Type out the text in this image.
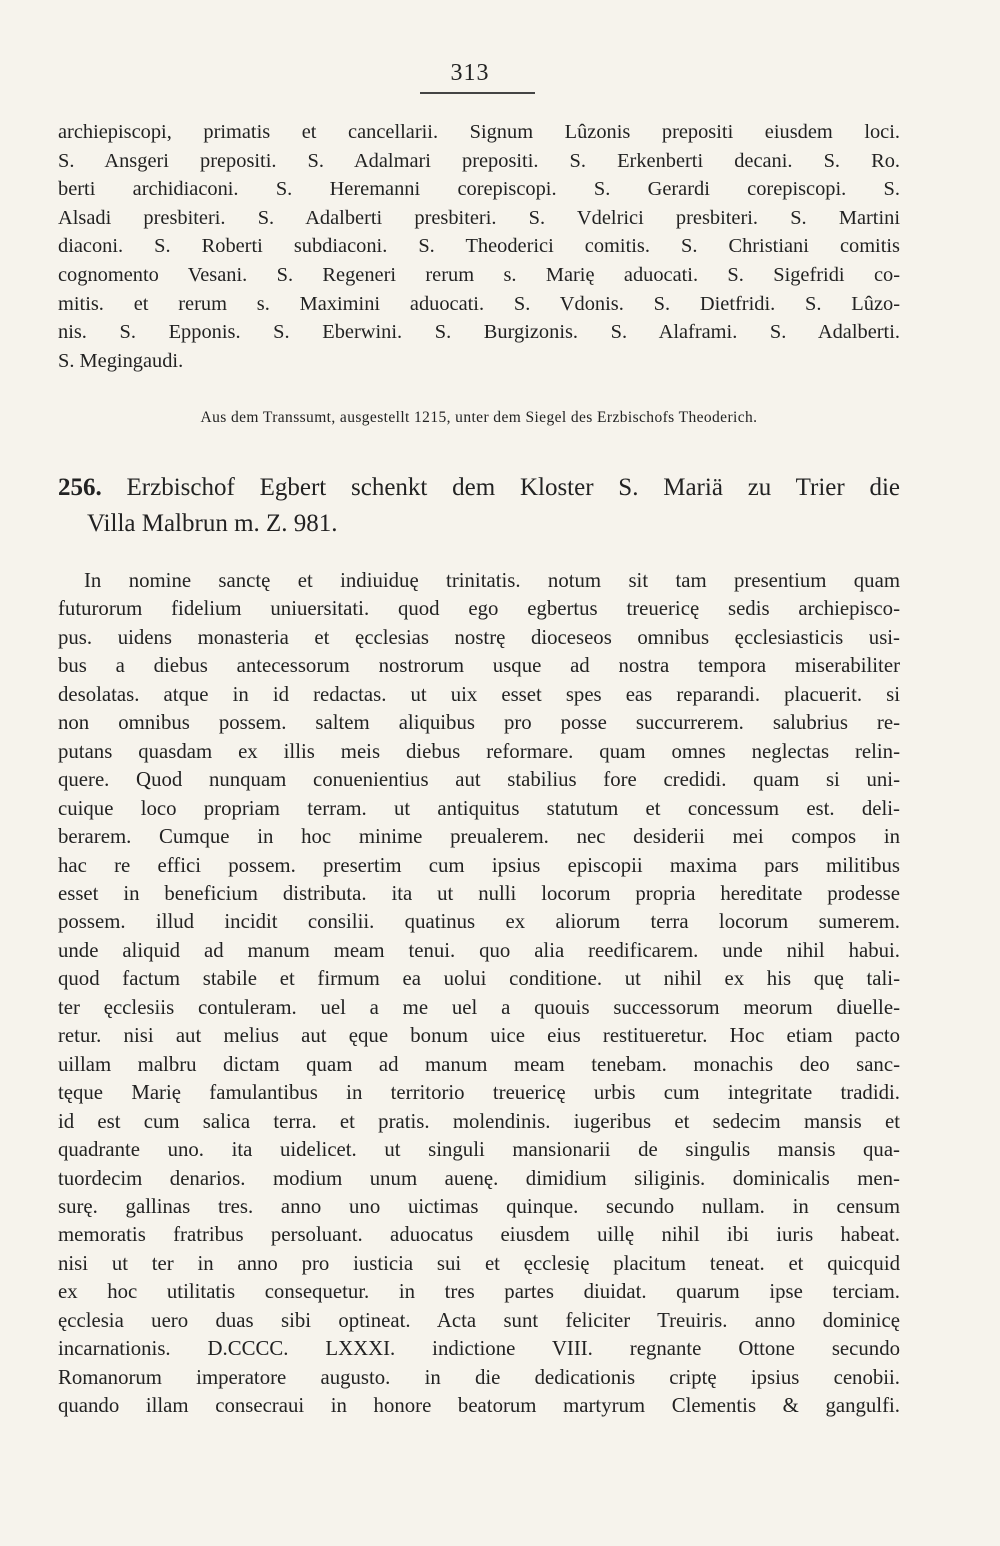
313
archiepiscopi, primatis et cancellarii. Signum Lûzonis prepositi eiusdem loci.
S. Ansgeri prepositi. S. Adalmari prepositi. S. Erkenberti decani. S. Ro.
berti archidiaconi. S. Heremanni corepiscopi. S. Gerardi corepiscopi. S.
Alsadi presbiteri. S. Adalberti presbiteri. S. Vdelrici presbiteri. S. Martini
diaconi. S. Roberti subdiaconi. S. Theoderici comitis. S. Christiani comitis
cognomento Vesani. S. Regeneri rerum s. Marię aduocati. S. Sigefridi co-
mitis. et rerum s. Maximini aduocati. S. Vdonis. S. Dietfridi. S. Lûzo-
nis. S. Epponis. S. Eberwini. S. Burgizonis. S. Alaframi. S. Adalberti.
S. Megingaudi.
Aus dem Transsumt, ausgestellt 1215, unter dem Siegel des Erzbischofs Theoderich.
256. Erzbischof Egbert schenkt dem Kloster S. Mariä zu Trier die
Villa Malbrun m. Z. 981.
In nomine sanctę et indiuiduę trinitatis. notum sit tam presentium quam
futurorum fidelium uniuersitati. quod ego egbertus treuericę sedis archiepisco-
pus. uidens monasteria et ęcclesias nostrę dioceseos omnibus ęcclesiasticis usi-
bus a diebus antecessorum nostrorum usque ad nostra tempora miserabiliter
desolatas. atque in id redactas. ut uix esset spes eas reparandi. placuerit. si
non omnibus possem. saltem aliquibus pro posse succurrerem. salubrius re-
putans quasdam ex illis meis diebus reformare. quam omnes neglectas relin-
quere. Quod nunquam conuenientius aut stabilius fore credidi. quam si uni-
cuique loco propriam terram. ut antiquitus statutum et concessum est. deli-
berarem. Cumque in hoc minime preualerem. nec desiderii mei compos in
hac re effici possem. presertim cum ipsius episcopii maxima pars militibus
esset in beneficium distributa. ita ut nulli locorum propria hereditate prodesse
possem. illud incidit consilii. quatinus ex aliorum terra locorum sumerem.
unde aliquid ad manum meam tenui. quo alia reedificarem. unde nihil habui.
quod factum stabile et firmum ea uolui conditione. ut nihil ex his quę tali-
ter ęcclesiis contuleram. uel a me uel a quouis successorum meorum diuelle-
retur. nisi aut melius aut ęque bonum uice eius restitueretur. Hoc etiam pacto
uillam malbru dictam quam ad manum meam tenebam. monachis deo sanc-
tęque Marię famulantibus in territorio treuericę urbis cum integritate tradidi.
id est cum salica terra. et pratis. molendinis. iugeribus et sedecim mansis et
quadrante uno. ita uidelicet. ut singuli mansionarii de singulis mansis qua-
tuordecim denarios. modium unum auenę. dimidium siliginis. dominicalis men-
surę. gallinas tres. anno uno uictimas quinque. secundo nullam. in censum
memoratis fratribus persoluant. aduocatus eiusdem uillę nihil ibi iuris habeat.
nisi ut ter in anno pro iusticia sui et ęcclesię placitum teneat. et quicquid
ex hoc utilitatis consequetur. in tres partes diuidat. quarum ipse terciam.
ęcclesia uero duas sibi optineat. Acta sunt feliciter Treuiris. anno dominicę
incarnationis. D.CCCC. LXXXI. indictione VIII. regnante Ottone secundo
Romanorum imperatore augusto. in die dedicationis criptę ipsius cenobii.
quando illam consecraui in honore beatorum martyrum Clementis & gangulfi.
